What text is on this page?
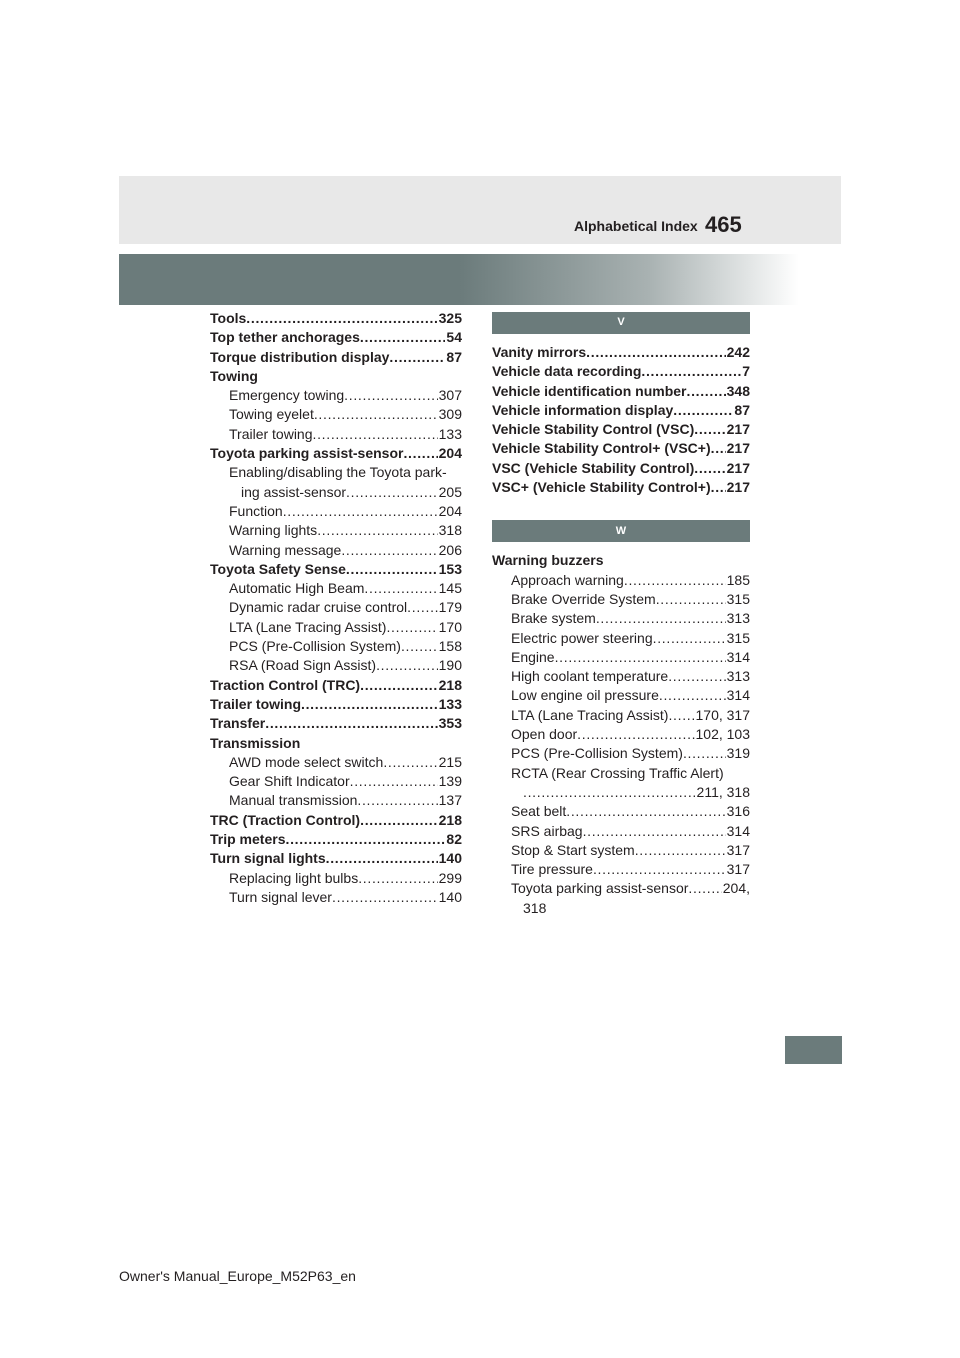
Alphabetical Index 465
Tools . . .	325
Top tether anchorages . . .	54
Torque distribution display . . .	87
Towing
Emergency towing . . .	307
Towing eyelet . . .	309
Trailer towing . . .	133
Toyota parking assist-sensor . . .	204
Enabling/disabling the Toyota park-
ing assist-sensor . . .	205
Function . . .	204
Warning lights . . .	318
Warning message . . .	206
Toyota Safety Sense . . .	153
Automatic High Beam . . .	145
Dynamic radar cruise control . . . 179
LTA (Lane Tracing Assist) . . .	170
PCS (Pre-Collision System) . . .	158
RSA (Road Sign Assist) . . .	190
Traction Control (TRC) . . .	218
Trailer towing . . .	133
Transfer . . .	353
Transmission
AWD mode select switch . . .	215
Gear Shift Indicator . . .	139
Manual transmission . . .	137
TRC (Traction Control) . . .	218
Trip meters . . .	82
Turn signal lights . . .	140
Replacing light bulbs . . .	299
Turn signal lever . . .	140
V
Vanity mirrors . . .	242
Vehicle data recording . . .	7
Vehicle identification number . . .	348
Vehicle information display . . .	87
Vehicle Stability Control (VSC) . . . 217
Vehicle Stability Control+ (VSC+) . . . 217
VSC (Vehicle Stability Control) . . . 217
VSC+ (Vehicle Stability Control+) . . . 217
W
Warning buzzers
Approach warning . . .	185
Brake Override System . . .	315
Brake system . . .	313
Electric power steering . . .	315
Engine . . .	314
High coolant temperature . . .	313
Low engine oil pressure . . .	314
LTA (Lane Tracing Assist) . . . 170, 317
Open door . . .	102, 103
PCS (Pre-Collision System) . . .	319
RCTA (Rear Crossing Traffic Alert)
. . .
211, 318
Seat belt . . .	316
SRS airbag . . .	314
Stop & Start system . . .	317
Tire pressure . . .	317
Toyota parking assist-sensor . . . 204,
318
Owner's Manual_Europe_M52P63_en
